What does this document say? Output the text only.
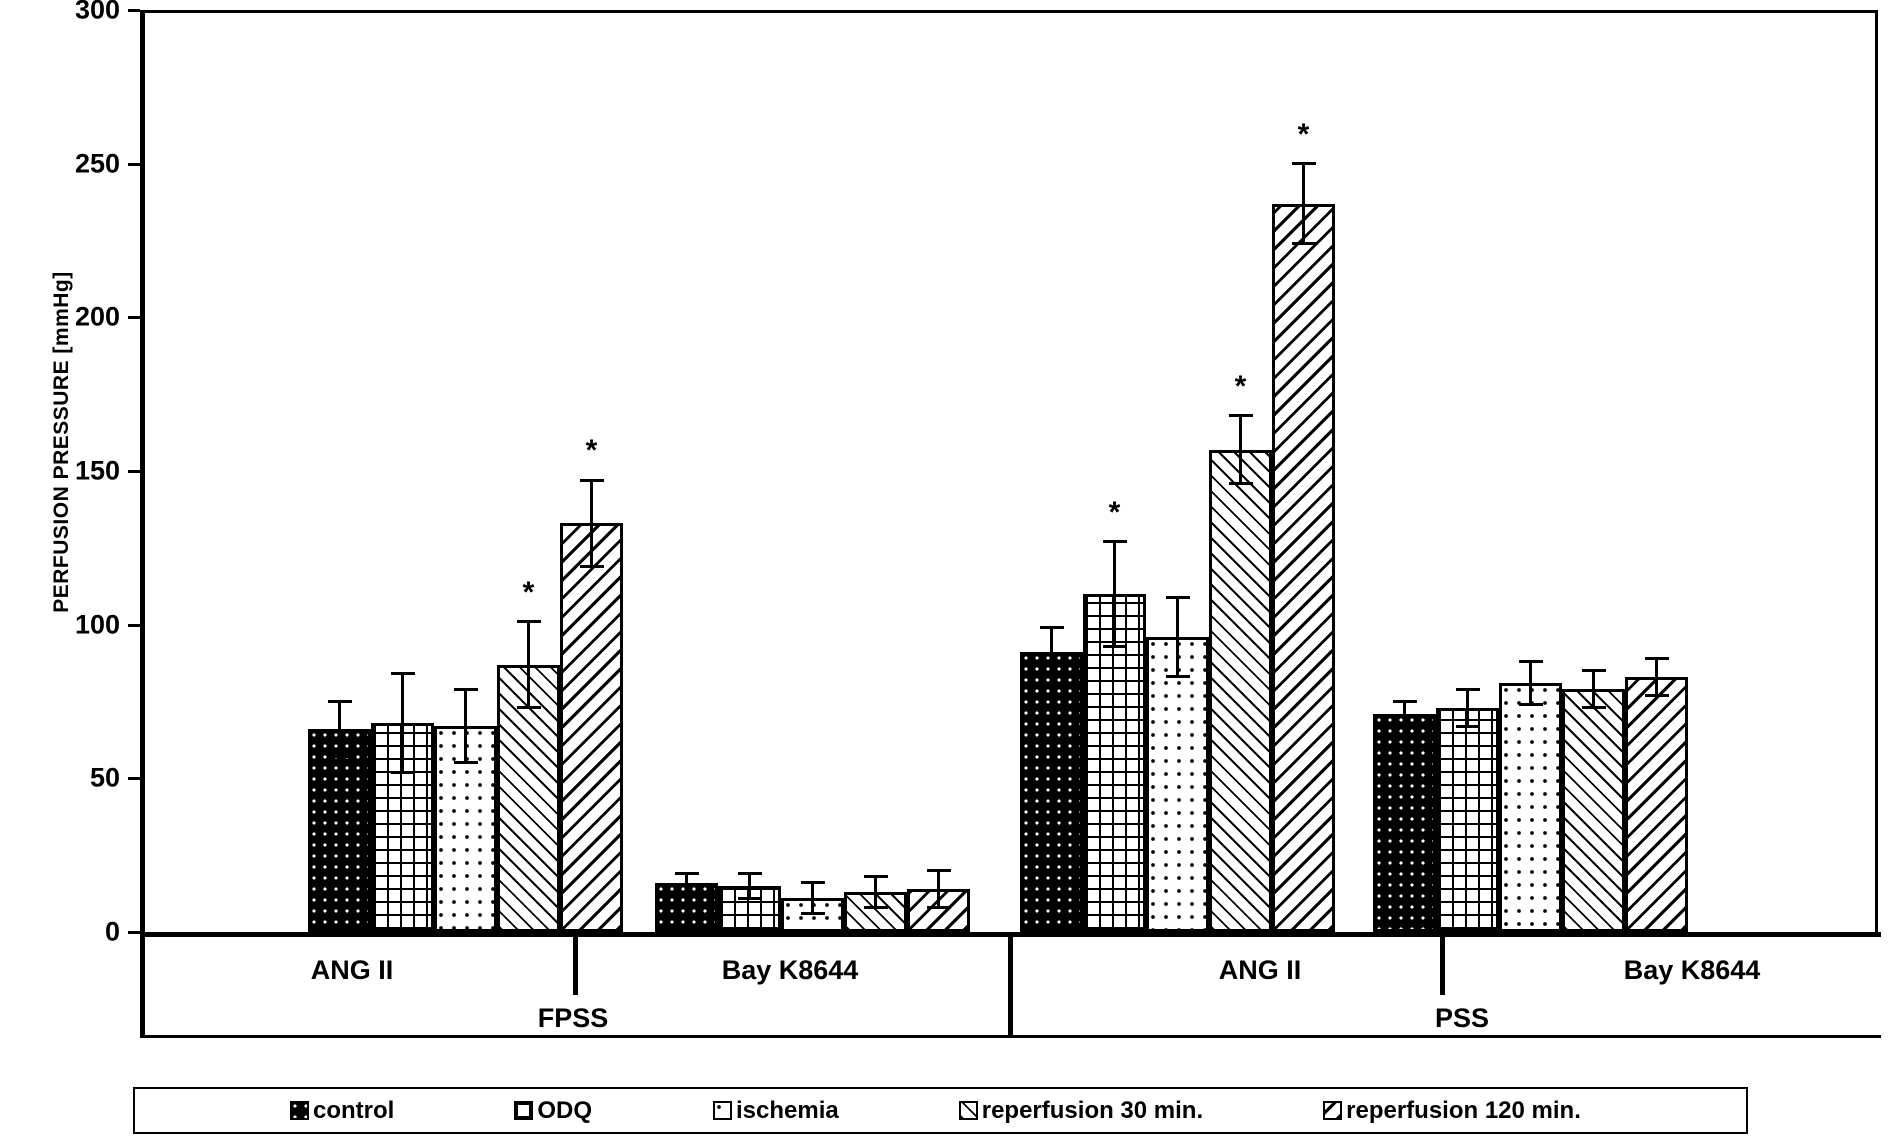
PERFUSION PRESSURE [mmHg]
0
50
100
150
200
250
300
*
*
*
*
*
ANG II	Bay K8644	ANG II	Bay K8644
FPSS	PSS
control	ODQ	ischemia	reperfusion 30 min.	reperfusion 120 min.
